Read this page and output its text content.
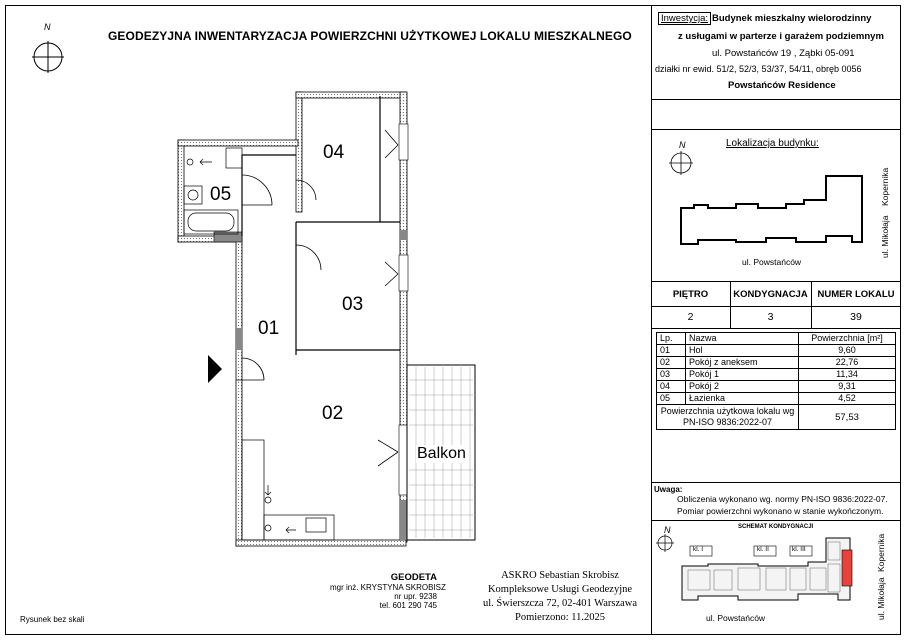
GEODEZYJNA INWENTARYZACJA POWIERZCHNI UŻYTKOWEJ LOKALU MIESZKALNEGO
N
04
05
03
01
02
Balkon
Inwestycja: Budynek mieszkalny wielorodzinny
z usługami w parterze i garażem podziemnym
ul. Powstańców 19 , Ząbki 05-091
działki nr ewid. 51/2, 52/3, 53/37, 54/11, obręb 0056
Powstańców Residence
Lokalizacja budynku:
N
ul. Powstańców
ul. Mikołaja
Kopernika
PIĘTRO	KONDYGNACJA	NUMER LOKALU
2	3	39
Lp.	Nazwa	Powierzchnia [m²]
01	Hol	9,60
02	Pokój z aneksem	22,76
03	Pokój 1	11,34
04	Pokój 2	9,31
05	Łazienka	4,52

Powierzchnia użytkowa lokalu wg
PN-ISO 9836:2022-07		57,53
Uwaga:
Obliczenia wykonano wg. normy PN-ISO 9836:2022-07.
Pomiar powierzchni wykonano w stanie wykończonym.
N	SCHEMAT KONDYGNACJI
kl. I	kl. II	kl. III
ul. Powstańców	ul. Mikołaja
Kopernika
GEODETA
mgr inż. KRYSTYNA SKROBISZ
nr upr. 9238
tel. 601 290 745
ASKRO Sebastian Skrobisz
Kompleksowe Usługi Geodezyjne
ul. Świerszcza 72, 02-401 Warszawa
Pomierzono: 11.2025
Rysunek bez skali
